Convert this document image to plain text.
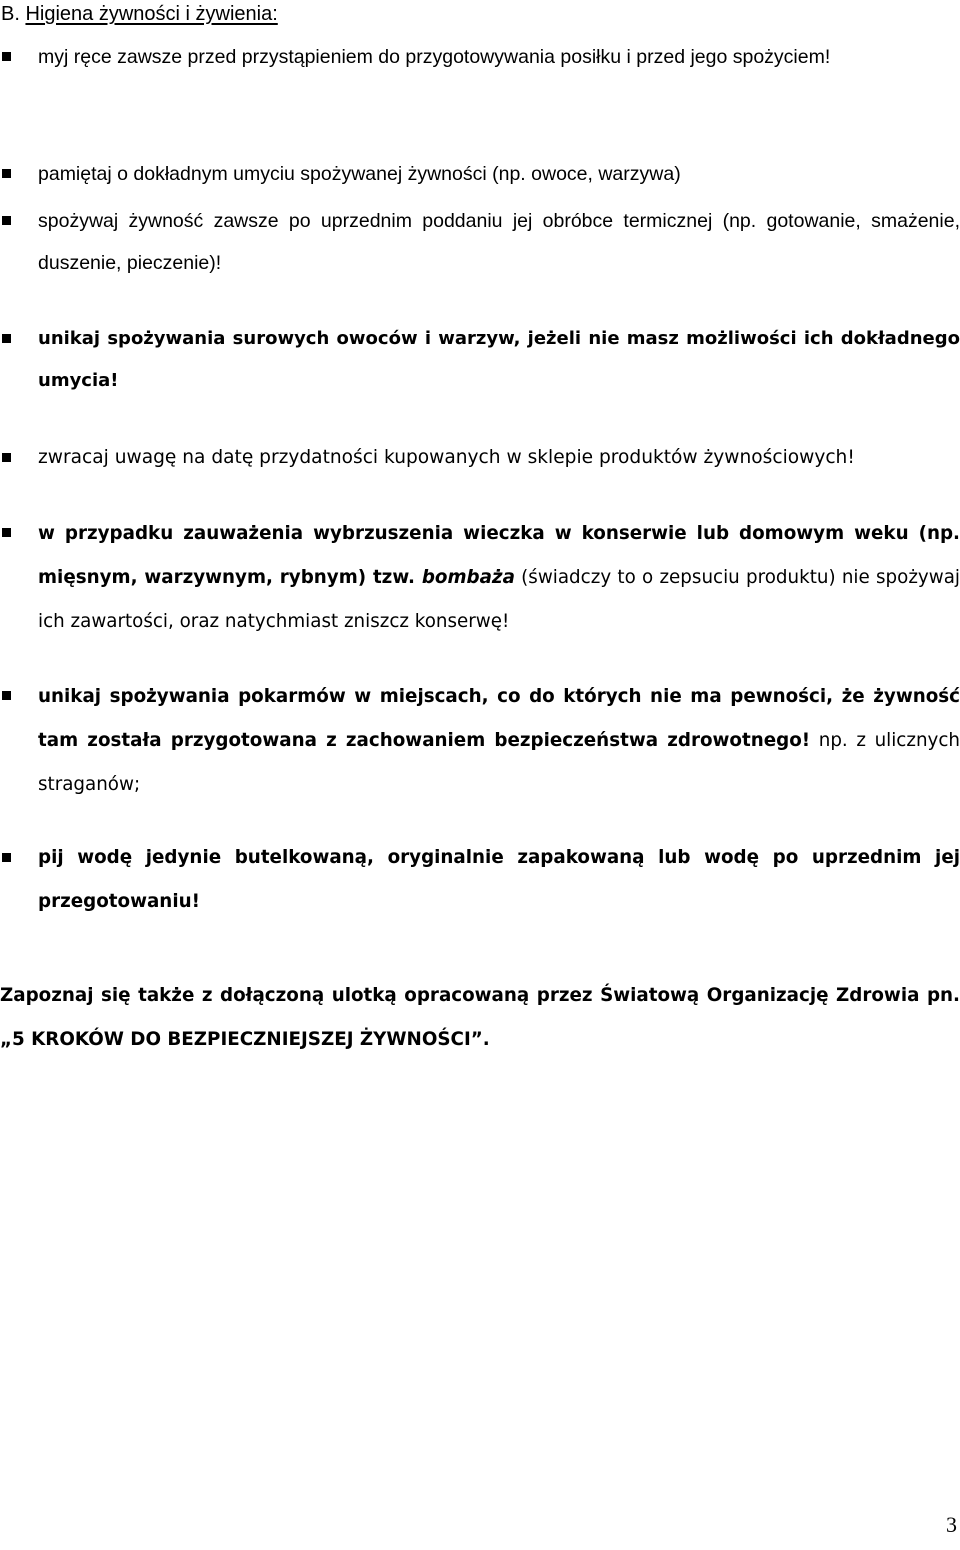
B. Higiena żywności i żywienia:
myj ręce zawsze przed przystąpieniem do przygotowywania posiłku i przed jego spożyciem!
pamiętaj o dokładnym umyciu spożywanej żywności (np. owoce, warzywa)
spożywaj żywność zawsze po uprzednim poddaniu jej obróbce termicznej (np. gotowanie, smażenie, duszenie, pieczenie)!
unikaj spożywania surowych owoców i warzyw, jeżeli nie masz możliwości ich dokładnego umycia!
zwracaj uwagę na datę przydatności kupowanych w sklepie produktów żywnościowych!
w przypadku zauważenia wybrzuszenia wieczka w konserwie lub domowym weku (np. mięsnym, warzywnym, rybnym) tzw. bombaża (świadczy to o zepsuciu produktu) nie spożywaj ich zawartości, oraz natychmiast zniszcz konserwę!
unikaj spożywania pokarmów w miejscach, co do których nie ma pewności, że żywność tam została przygotowana z zachowaniem bezpieczeństwa zdrowotnego! np. z ulicznych straganów;
pij wodę jedynie butelkowaną, oryginalnie zapakowaną lub wodę po uprzednim jej przegotowaniu!
Zapoznaj się także z dołączoną ulotką opracowaną przez Światową Organizację Zdrowia pn. „5 KROKÓW DO BEZPIECZNIEJSZEJ ŻYWNOŚCI”.
3
